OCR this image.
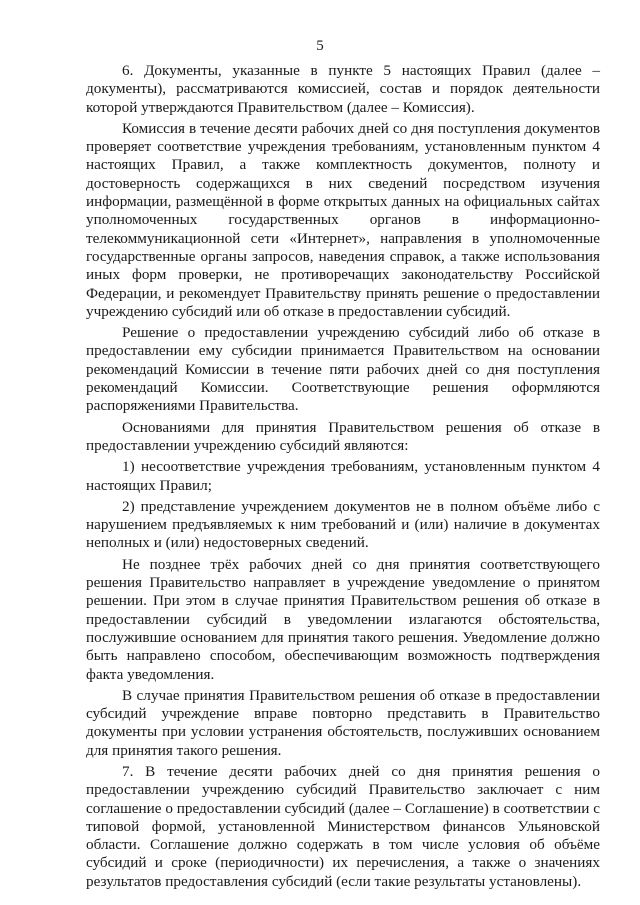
5

6. Документы, указанные в пункте 5 настоящих Правил (далее – документы), рассматриваются комиссией, состав и порядок деятельности которой утверждаются Правительством (далее – Комиссия).

Комиссия в течение десяти рабочих дней со дня поступления документов проверяет соответствие учреждения требованиям, установленным пунктом 4 настоящих Правил, а также комплектность документов, полноту и достоверность содержащихся в них сведений посредством изучения информации, размещённой в форме открытых данных на официальных сайтах уполномоченных государственных органов в информационно-телекоммуникационной сети «Интернет», направления в уполномоченные государственные органы запросов, наведения справок, а также использования иных форм проверки, не противоречащих законодательству Российской Федерации, и рекомендует Правительству принять решение о предоставлении учреждению субсидий или об отказе в предоставлении субсидий.

Решение о предоставлении учреждению субсидий либо об отказе в предоставлении ему субсидии принимается Правительством на основании рекомендаций Комиссии в течение пяти рабочих дней со дня поступления рекомендаций Комиссии. Соответствующие решения оформляются распоряжениями Правительства.

Основаниями для принятия Правительством решения об отказе в предоставлении учреждению субсидий являются:

1) несоответствие учреждения требованиям, установленным пунктом 4 настоящих Правил;

2) представление учреждением документов не в полном объёме либо с нарушением предъявляемых к ним требований и (или) наличие в документах неполных и (или) недостоверных сведений.

Не позднее трёх рабочих дней со дня принятия соответствующего решения Правительство направляет в учреждение уведомление о принятом решении. При этом в случае принятия Правительством решения об отказе в предоставлении субсидий в уведомлении излагаются обстоятельства, послужившие основанием для принятия такого решения. Уведомление должно быть направлено способом, обеспечивающим возможность подтверждения факта уведомления.

В случае принятия Правительством решения об отказе в предоставлении субсидий учреждение вправе повторно представить в Правительство документы при условии устранения обстоятельств, послуживших основанием для принятия такого решения.

7. В течение десяти рабочих дней со дня принятия решения о предоставлении учреждению субсидий Правительство заключает с ним соглашение о предоставлении субсидий (далее – Соглашение) в соответствии с типовой формой, установленной Министерством финансов Ульяновской области. Соглашение должно содержать в том числе условия об объёме субсидий и сроке (периодичности) их перечисления, а также о значениях результатов предоставления субсидий (если такие результаты установлены).
